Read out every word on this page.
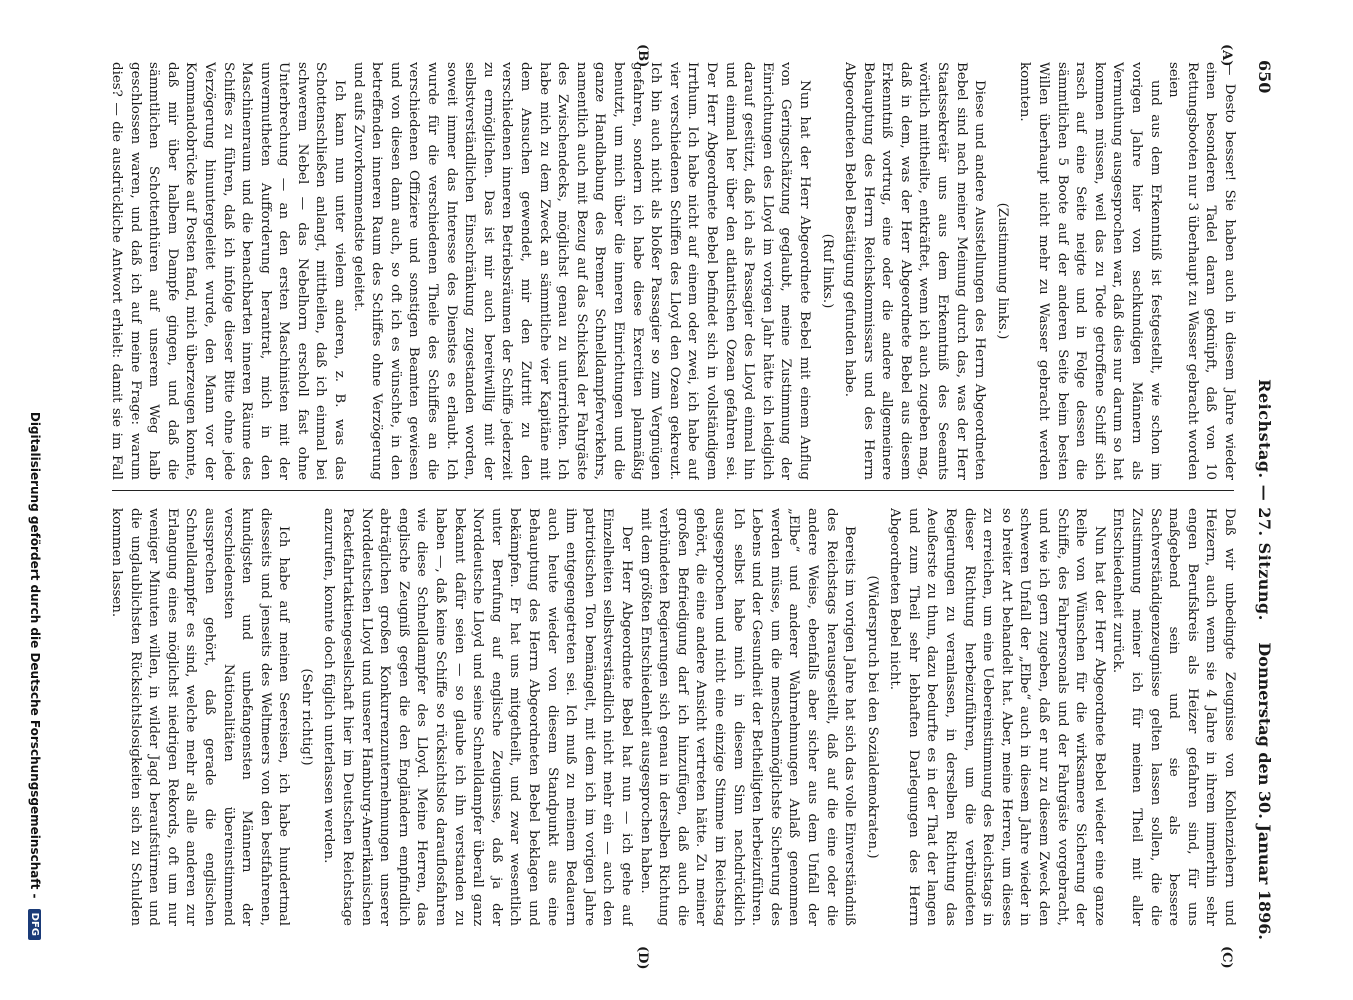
650
Reichstag. — 27. Sitzung.
Donnerstag den 30. Januar 1896.
(A)
(B)
(C)
(D)

— Desto besser! Sie haben auch in diesem Jahre wieder einen besonderen Tadel daran geknüpft, daß von 10 Rettungsbooten nur 3 überhaupt zu Wasser gebracht worden seien

und aus dem Erkenntniß ist festgestellt, wie schon im vorigen Jahre hier von sachkundigen Männern als Vermuthung ausgesprochen war, daß dies nur darum so hat kommen müssen, weil das zu Tode getroffene Schiff sich rasch auf eine Seite neigte und in Folge dessen die sämmtlichen 5 Boote auf der anderen Seite beim besten Willen überhaupt nicht mehr zu Wasser gebracht werden konnten.

(Zustimmung links.)

Diese und andere Ausstellungen des Herrn Abgeordneten Bebel sind nach meiner Meinung durch das, was der Herr Staatssekretär uns aus dem Erkenntniß des Seeamts wörtlich mittheilte, entkräftet, wenn ich auch zugeben mag, daß in dem, was der Herr Abgeordnete Bebel aus diesem Erkenntniß vortrug, eine oder die andere allgemeinere Behauptung des Herrn Reichskommissars und des Herrn Abgeordneten Bebel Bestätigung gefunden habe.

(Ruf links.)

Nun hat der Herr Abgeordnete Bebel mit einem Anflug von Geringschätzung geglaubt, meine Zustimmung der Einrichtungen des Lloyd im vorigen Jahr hätte ich lediglich darauf gestützt, daß ich als Passagier des Lloyd einmal hin und einmal her über den atlantischen Ozean gefahren sei. Der Herr Abgeordnete Bebel befindet sich in vollständigem Irrthum. Ich habe nicht auf einem oder zwei, ich habe auf vier verschiedenen Schiffen des Lloyd den Ozean gekreuzt. Ich bin auch nicht als bloßer Passagier so zum Vergnügen gefahren, sondern ich habe diese Exercitien planmäßig benutzt, um mich über die inneren Einrichtungen und die ganze Handhabung des Bremer Schnelldampferverkehrs, namentlich auch mit Bezug auf das Schicksal der Fahrgäste des Zwischendecks, möglichst genau zu unterrichten. Ich habe mich zu dem Zweck an sämmtliche vier Kapitäne mit dem Ansuchen gewendet, mir den Zutritt zu den verschiedenen inneren Betriebsräumen der Schiffe jederzeit zu ermöglichen. Das ist mir auch bereitwillig mit der selbstverständlichen Einschränkung zugestanden worden, soweit immer das Interesse des Dienstes es erlaubt. Ich wurde für die verschiedenen Theile des Schiffes an die verschiedenen Offiziere und sonstigen Beamten gewiesen und von diesen dann auch, so oft ich es wünschte, in den betreffenden inneren Raum des Schiffes ohne Verzögerung und aufs Zuvorkommendste geleitet.

Ich kann nun unter vielem anderen, z. B. was das Schottenschließen anlangt, mittheilen, daß ich einmal bei schwerem Nebel — das Nebelhorn erscholl fast ohne Unterbrechung — an den ersten Maschinisten mit der unvermutheten Aufforderung herantrat, mich in den Maschinenraum und die benachbarten inneren Räume des Schiffes zu führen, daß ich infolge dieser Bitte ohne jede Verzögerung hinuntergeleitet wurde, den Mann vor der Kommandobrücke auf Posten fand, mich überzeugen konnte, daß mir über halbem Dampfe gingen, und daß die sämmtlichen Schottenthüren auf unserem Weg halb geschlossen waren, und daß ich auf meine Frage: warum dies? — die ausdrückliche Antwort erhielt: damit sie im Fall

Daß wir unbedingte Zeugnisse von Kohlenziehern und Heizern, auch wenn sie 4 Jahre in ihrem immerhin sehr engen Berufskreis als Heizer gefahren sind, für uns maßgebend sein und sie als bessere Sachverständigenzeugnisse gelten lassen sollen, die die Zustimmung meiner ich für meinen Theil mit aller Entschiedenheit zurück.

Nun hat der Herr Abgeordnete Bebel wieder eine ganze Reihe von Wünschen für die wirksamere Sicherung der Schiffe, des Fahrpersonals und der Fahrgäste vorgebracht, und wie ich gern zugeben, daß er nur zu diesem Zweck den schweren Unfall der „Elbe“ auch in diesem Jahre wieder in so breiter Art behandelt hat. Aber, meine Herren, um dieses zu erreichen, um eine Uebereinstimmung des Reichstags in dieser Richtung herbeizuführen, um die verbündeten Regierungen zu veranlassen, in derselben Richtung das Aeußerste zu thun, dazu bedurfte es in der That der langen und zum Theil sehr lebhaften Darlegungen des Herrn Abgeordneten Bebel nicht.

(Widerspruch bei den Sozialdemokraten.)

Bereits im vorigen Jahre hat sich das volle Einverständniß des Reichstags herausgestellt, daß auf die eine oder die andere Weise, ebenfalls aber sicher aus dem Unfall der „Elbe“ und anderer Wahrnehmungen Anlaß genommen werden müsse, um die menschenmöglichste Sicherung des Lebens und der Gesundheit der Betheiligten herbeizuführen. Ich selbst habe mich in diesem Sinn nachdrücklich ausgesprochen und nicht eine einzige Stimme im Reichstag gehört, die eine andere Ansicht vertreten hätte. Zu meiner großen Befriedigung darf ich hinzufügen, daß auch die verbündeten Regierungen sich genau in derselben Richtung mit dem größten Entschiedenheit ausgesprochen haben.

Der Herr Abgeordnete Bebel hat nun — ich gehe auf Einzelheiten selbstverständlich nicht mehr ein — auch den patriotischen Ton bemängelt, mit dem ich im vorigen Jahre ihm entgegengetreten sei. Ich muß zu meinem Bedauern auch heute wieder von diesem Standpunkt aus eine Behauptung des Herrn Abgeordneten Bebel beklagen und bekämpfen. Er hat uns mitgetheilt, und zwar wesentlich unter Berufung auf englische Zeugnisse, daß ja der Norddeutsche Lloyd und seine Schnelldampfer überall ganz bekannt dafür seien — so glaube ich ihn verstanden zu haben —, daß keine Schiffe so rücksichtslos darauflosfahren wie diese Schnelldampfer des Lloyd. Meine Herren, das englische Zeugniß gegen die den Engländern empfindlich abträglichen großen Konkurrenzunternehmungen unserer Norddeutschen Lloyd und unserer Hamburg-Amerikanischen Packetfahrtaktiengesellschaft hier im Deutschen Reichstage anzurufen, konnte doch füglich unterlassen werden.

(Sehr richtig!)

Ich habe auf meinen Seereisen, ich habe hundertmal diesseits und jenseits des Weltmeers von den bestfahrenen, kundigsten und unbefangensten Männern der verschiedensten Nationalitäten übereinstimmend aussprechen gehört, daß gerade die englischen Schnelldampfer es sind, welche mehr als alle anderen zur Erlangung eines möglichst niedrigen Rekords, oft um nur weniger Minuten willen, in wilder Jagd beraufstürmen und die unglaublichsten Rücksichtslosigkeiten sich zu Schulden kommen lassen.

Digitalisierung gefördert durch die Deutsche Forschungsgemeinschaft - DFG
